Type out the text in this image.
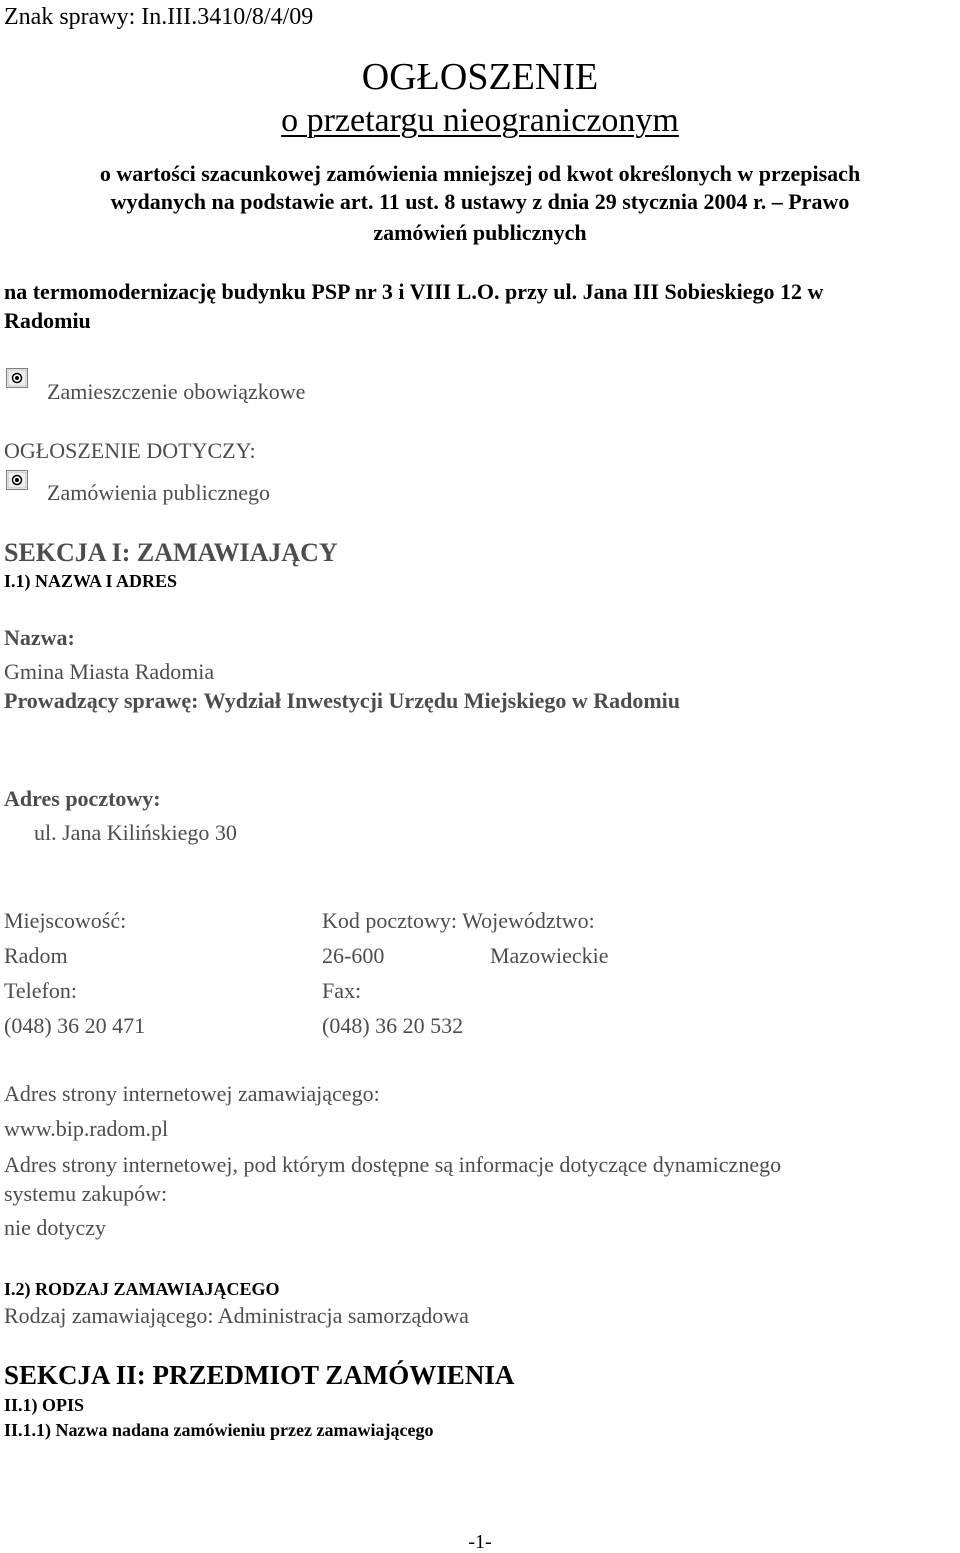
Znak sprawy: In.III.3410/8/4/09
OGŁOSZENIE
o przetargu nieograniczonym
o wartości szacunkowej zamówienia mniejszej od kwot określonych w przepisach
wydanych na podstawie art. 11 ust. 8 ustawy z dnia 29 stycznia 2004 r. – Prawo
zamówień publicznych
na termomodernizację budynku PSP nr 3 i VIII L.O. przy ul. Jana III Sobieskiego 12 w
Radomiu
Zamieszczenie obowiązkowe
OGŁOSZENIE DOTYCZY:
Zamówienia publicznego
SEKCJA I: ZAMAWIAJĄCY
I.1) NAZWA I ADRES
Nazwa:
Gmina Miasta Radomia
Prowadzący sprawę: Wydział Inwestycji Urzędu Miejskiego w Radomiu
Adres pocztowy:
ul. Jana Kilińskiego 30
Miejscowość:	Kod pocztowy: Województwo:
Radom	26-600	Mazowieckie
Telefon:	Fax:
(048) 36 20 471	(048) 36 20 532
Adres strony internetowej zamawiającego:
www.bip.radom.pl
Adres strony internetowej, pod którym dostępne są informacje dotyczące dynamicznego
systemu zakupów:
nie dotyczy
I.2) RODZAJ ZAMAWIAJĄCEGO
Rodzaj zamawiającego: Administracja samorządowa
SEKCJA II: PRZEDMIOT ZAMÓWIENIA
II.1) OPIS
II.1.1) Nazwa nadana zamówieniu przez zamawiającego
-1-
